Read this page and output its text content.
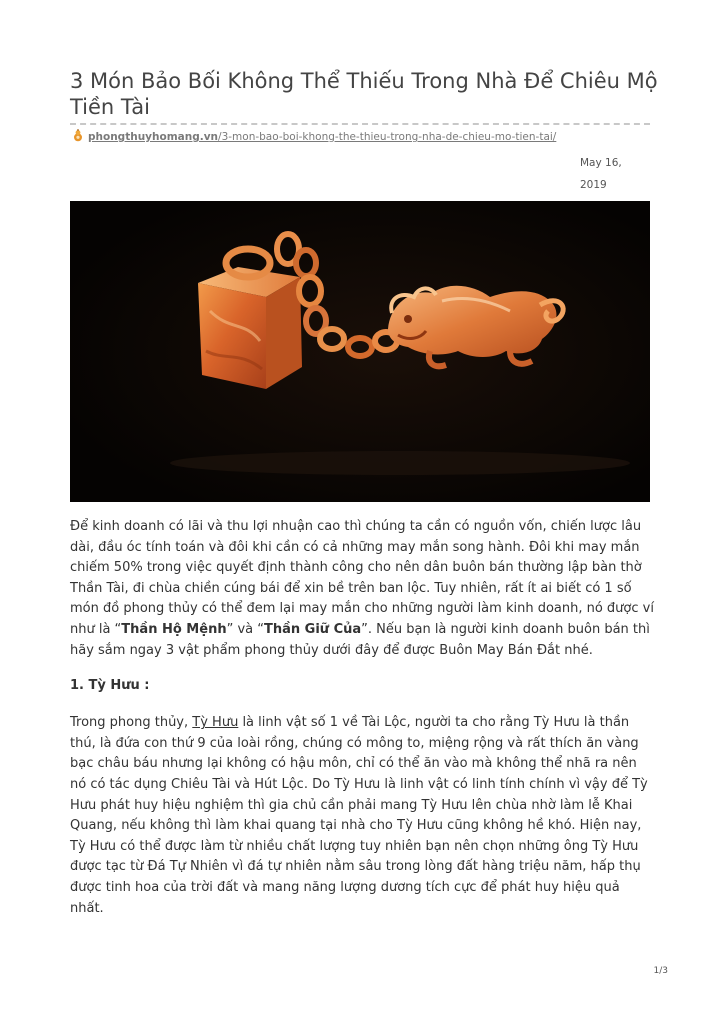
3 Món Bảo Bối Không Thể Thiếu Trong Nhà Để Chiêu Mộ Tiền Tài
phongthuyhomang.vn/3-mon-bao-boi-khong-the-thieu-trong-nha-de-chieu-mo-tien-tai/
May 16,
2019

Để kinh doanh có lãi và thu lợi nhuận cao thì chúng ta cần có nguồn vốn, chiến lược lâu dài, đầu óc tính toán và đôi khi cần có cả những may mắn song hành. Đôi khi may mắn chiếm 50% trong việc quyết định thành công cho nên dân buôn bán thường lập bàn thờ Thần Tài, đi chùa chiền cúng bái để xin bề trên ban lộc. Tuy nhiên, rất ít ai biết có 1 số món đồ phong thủy có thể đem lại may mắn cho những người làm kinh doanh, nó được ví như là “Thần Hộ Mệnh” và “Thần Giữ Của”. Nếu bạn là người kinh doanh buôn bán thì hãy sắm ngay 3 vật phẩm phong thủy dưới đây để được Buôn May Bán Đắt nhé.

1. Tỳ Hưu :

Trong phong thủy, Tỳ Hưu là linh vật số 1 về Tài Lộc, người ta cho rằng Tỳ Hưu là thần thú, là đứa con thứ 9 của loài rồng, chúng có mông to, miệng rộng và rất thích ăn vàng bạc châu báu nhưng lại không có hậu môn, chỉ có thể ăn vào mà không thể nhã ra nên nó có tác dụng Chiêu Tài và Hút Lộc. Do Tỳ Hưu là linh vật có linh tính chính vì vậy để Tỳ Hưu phát huy hiệu nghiệm thì gia chủ cần phải mang Tỳ Hưu lên chùa nhờ làm lễ Khai Quang, nếu không thì làm khai quang tại nhà cho Tỳ Hưu cũng không hề khó. Hiện nay, Tỳ Hưu có thể được làm từ nhiều chất lượng tuy nhiên bạn nên chọn những ông Tỳ Hưu được tạc từ Đá Tự Nhiên vì đá tự nhiên nằm sâu trong lòng đất hàng triệu năm, hấp thụ được tinh hoa của trời đất và mang năng lượng dương tích cực để phát huy hiệu quả nhất.

1/3
